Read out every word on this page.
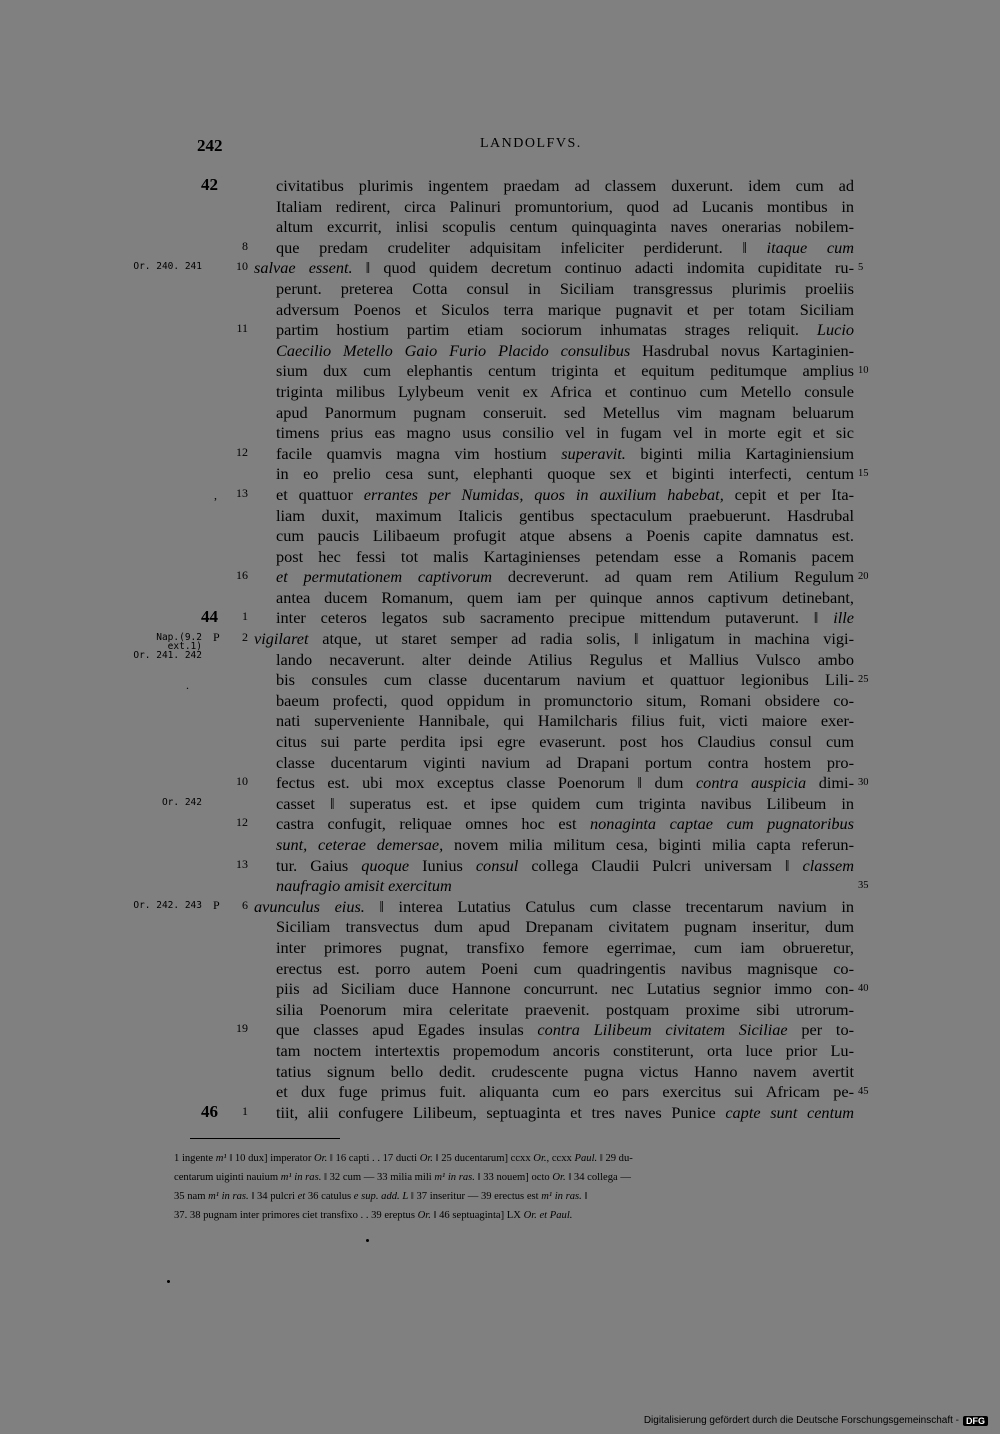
242	LANDOLFVS.
civitatibus plurimis ingentem praedam ad classem duxerunt. idem cum ad
42
Italiam redirent, circa Palinuri promuntorium, quod ad Lucanis montibus in
altum excurrit, inlisi scopulis centum quinquaginta naves onerarias nobilem-
que predam crudeliter adquisitam infeliciter perdiderunt. ‖ itaque cum
8
salvae essent. ‖ quod quidem decretum continuo adacti indomita cupiditate ru-
10
Or. 240. 241	5
perunt. preterea Cotta consul in Siciliam transgressus plurimis proeliis
adversum Poenos et Siculos terra marique pugnavit et per totam Siciliam
partim hostium partim etiam sociorum inhumatas strages reliquit. Lucio
11
Caecilio Metello Gaio Furio Placido consulibus Hasdrubal novus Kartaginien-
sium dux cum elephantis centum triginta et equitum peditumque amplius 10
triginta milibus Lylybeum venit ex Africa et continuo cum Metello consule
apud Panormum pugnam conseruit. sed Metellus vim magnam beluarum
timens prius eas magno usus consilio vel in fugam vel in morte egit et sic
facile quamvis magna vim hostium superavit. biginti milia Kartaginiensium
12
in eo prelio cesa sunt, elephanti quoque sex et biginti interfecti, centum 15
et quattuor errantes per Numidas, quos in auxilium habebat, cepit et per Ita-
13
liam duxit, maximum Italicis gentibus spectaculum praebuerunt. Hasdrubal
cum paucis Lilibaeum profugit atque absens a Poenis capite damnatus est.
post hec fessi tot malis Kartaginienses petendam esse a Romanis pacem
et permutationem captivorum decreverunt. ad quam rem Atilium Regulum
16	20
antea ducem Romanum, quem iam per quinque annos captivum detinebant,
inter ceteros legatos sub sacramento precipue mittendum putaverunt. ‖ ille
44	1
vigilaret atque, ut staret semper ad radia solis, ‖ inligatum in machina vigi-
2
P
Nap.(9.2 ext.1)
Or. 241. 242	lando necaverunt. alter deinde Atilius Regulus et Mallius Vulsco ambo
bis consules cum classe ducentarum navium et quattuor legionibus Lili- 25
baeum profecti, quod oppidum in promunctorio situm, Romani obsidere co-
nati superveniente Hannibale, qui Hamilcharis filius fuit, victi maiore exer-
citus sui parte perdita ipsi egre evaserunt. post hos Claudius consul cum
classe ducentarum viginti navium ad Drapani portum contra hostem pro-
fectus est. ubi mox exceptus classe Poenorum ‖ dum contra auspicia dimi-
10	30
casset ‖ superatus est. et ipse quidem cum triginta navibus Lilibeum in
Or. 242
castra confugit, reliquae omnes hoc est nonaginta captae cum pugnatoribus
12
sunt, ceterae demersae, novem milia militum cesa, biginti milia capta referun-
tur. Gaius quoque Iunius consul collega Claudii Pulcri universam ‖ classem
13
naufragio amisit exercitum	35
avunculus eius. ‖ interea Lutatius Catulus cum classe trecentarum navium in
6
P
Or. 242. 243
Siciliam transvectus dum apud Drepanam civitatem pugnam inseritur, dum
inter primores pugnat, transfixo femore egerrimae, cum iam obrueretur,
erectus est. porro autem Poeni cum quadringentis navibus magnisque co-
piis ad Siciliam duce Hannone concurrunt. nec Lutatius segnior immo con- 40
silia Poenorum mira celeritate praevenit. postquam proxime sibi utrorum-
que classes apud Egades insulas contra Lilibeum civitatem Siciliae per to-
19
tam noctem intertextis propemodum ancoris constiterunt, orta luce prior Lu-
tatius signum bello dedit. crudescente pugna victus Hanno navem avertit
et dux fuge primus fuit. aliquanta cum eo pars exercitus sui Africam pe- 45
tiit, alii confugere Lilibeum, septuaginta et tres naves Punice capte sunt centum
46	1
1 ingente m¹ ‖ 10 dux] imperator Or. ‖ 16 capti . . 17 ducti Or. ‖ 25 ducentarum] ccxx Or., ccxx Paul. ‖ 29 du-
centarum uiginti nauium m¹ in ras. ‖ 32 cum — 33 milia mili m¹ in ras. ‖ 33 nouem] octo Or. ‖ 34 collega —
35 nam m¹ in ras. ‖ 34 pulcri et 36 catulus e sup. add. L ‖ 37 inseritur — 39 erectus est m¹ in ras. ‖
37. 38 pugnam inter primores ciet transfixo . . 39 ereptus Or. ‖ 46 septuaginta] LX Or. et Paul.
,
.
Digitalisierung gefördert durch die Deutsche Forschungsgemeinschaft - DFG
